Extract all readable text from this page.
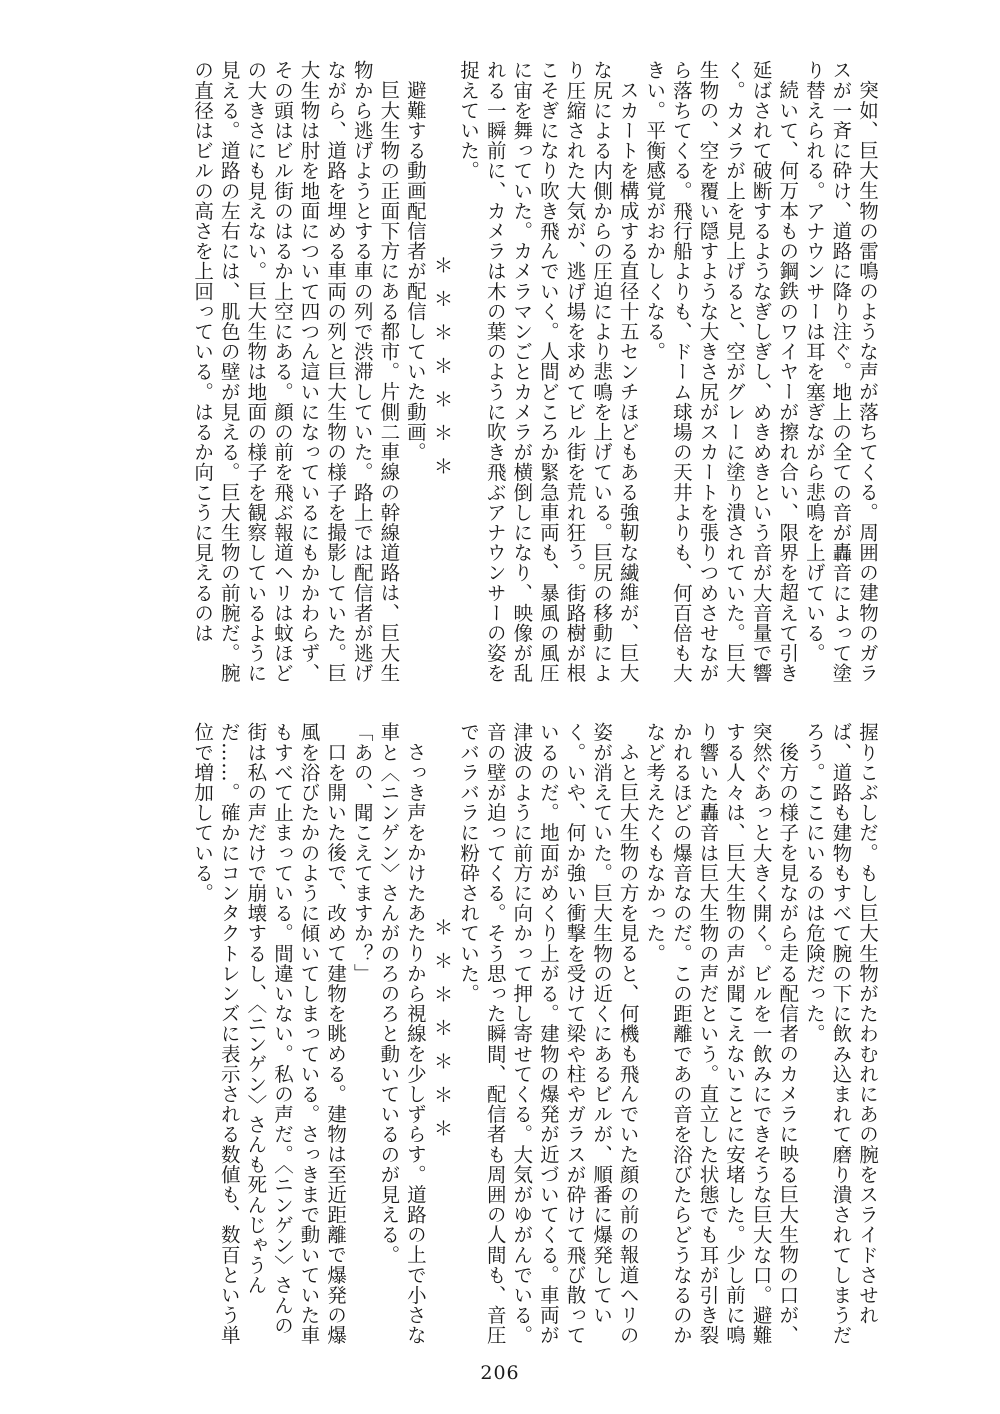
突如、巨大生物の雷鳴のような声が落ちてくる。周囲の建物のガラスが一斉に砕け、道路に降り注ぐ。地上の全ての音が轟音によって塗り替えられる。アナウンサーは耳を塞ぎながら悲鳴を上げている。

続いて、何万本もの鋼鉄のワイヤーが擦れ合い、限界を超えて引き延ばされて破断するようなぎしぎし、めきめきという音が大音量で響く。カメラが上を見上げると、空がグレーに塗り潰されていた。巨大生物の、空を覆い隠すような大きさ尻がスカートを張りつめさせながら落ちてくる。飛行船よりも、ドーム球場の天井よりも、何百倍も大きい。平衡感覚がおかしくなる。

スカートを構成する直径十五センチほどもある強靭な繊維が、巨大な尻による内側からの圧迫により悲鳴を上げている。巨尻の移動により圧縮された大気が、逃げ場を求めてビル街を荒れ狂う。街路樹が根こそぎになり吹き飛んでいく。人間どころか緊急車両も、暴風の風圧に宙を舞っていた。カメラマンごとカメラが横倒しになり、映像が乱れる一瞬前に、カメラは木の葉のように吹き飛ぶアナウンサーの姿を捉えていた。

＊＊＊＊＊＊＊

避難する動画配信者が配信していた動画。

巨大生物の正面下方にある都市。片側二車線の幹線道路は、巨大生物から逃げようとする車の列で渋滞していた。路上では配信者が逃げながら、道路を埋める車両の列と巨大生物の様子を撮影していた。巨大生物は肘を地面について四つん這いになっているにもかかわらず、その頭はビル街のはるか上空にある。顔の前を飛ぶ報道ヘリは蚊ほどの大きさにも見えない。巨大生物は地面の様子を観察しているように見える。道路の左右には、肌色の壁が見える。巨大生物の前腕だ。腕の直径はビルの高さを上回っている。はるか向こうに見えるのは

握りこぶしだ。もし巨大生物がたわむれにあの腕をスライドさせれば、道路も建物もすべて腕の下に飲み込まれて磨り潰されてしまうだろう。ここにいるのは危険だった。

後方の様子を見ながら走る配信者のカメラに映る巨大生物の口が、突然ぐあっと大きく開く。ビルを一飲みにできそうな巨大な口。避難する人々は、巨大生物の声が聞こえないことに安堵した。少し前に鳴り響いた轟音は巨大生物の声だという。直立した状態でも耳が引き裂かれるほどの爆音なのだ。この距離であの音を浴びたらどうなるのかなど考えたくもなかった。

ふと巨大生物の方を見ると、何機も飛んでいた顔の前の報道ヘリの姿が消えていた。巨大生物の近くにあるビルが、順番に爆発していく。いや、何か強い衝撃を受けて梁や柱やガラスが砕けて飛び散っているのだ。地面がめくり上がる。建物の爆発が近づいてくる。車両が津波のように前方に向かって押し寄せてくる。大気がゆがんでいる。音の壁が迫ってくる。そう思った瞬間、配信者も周囲の人間も、音圧でバラバラに粉砕されていた。

＊＊＊＊＊＊＊

さっき声をかけたあたりから視線を少しずらす。道路の上で小さな車と〈ニンゲン〉さんがのろのろと動いているのが見える。

「あの、聞こえてますか？」

口を開いた後で、改めて建物を眺める。建物は至近距離で爆発の爆風を浴びたかのように傾いてしまっている。さっきまで動いていた車もすべて止まっている。間違いない。私の声だ。〈ニンゲン〉さんの街は私の声だけで崩壊するし、〈ニンゲン〉さんも死んじゃうんだ……。確かにコンタクトレンズに表示される数値も、数百という単位で増加している。

206
